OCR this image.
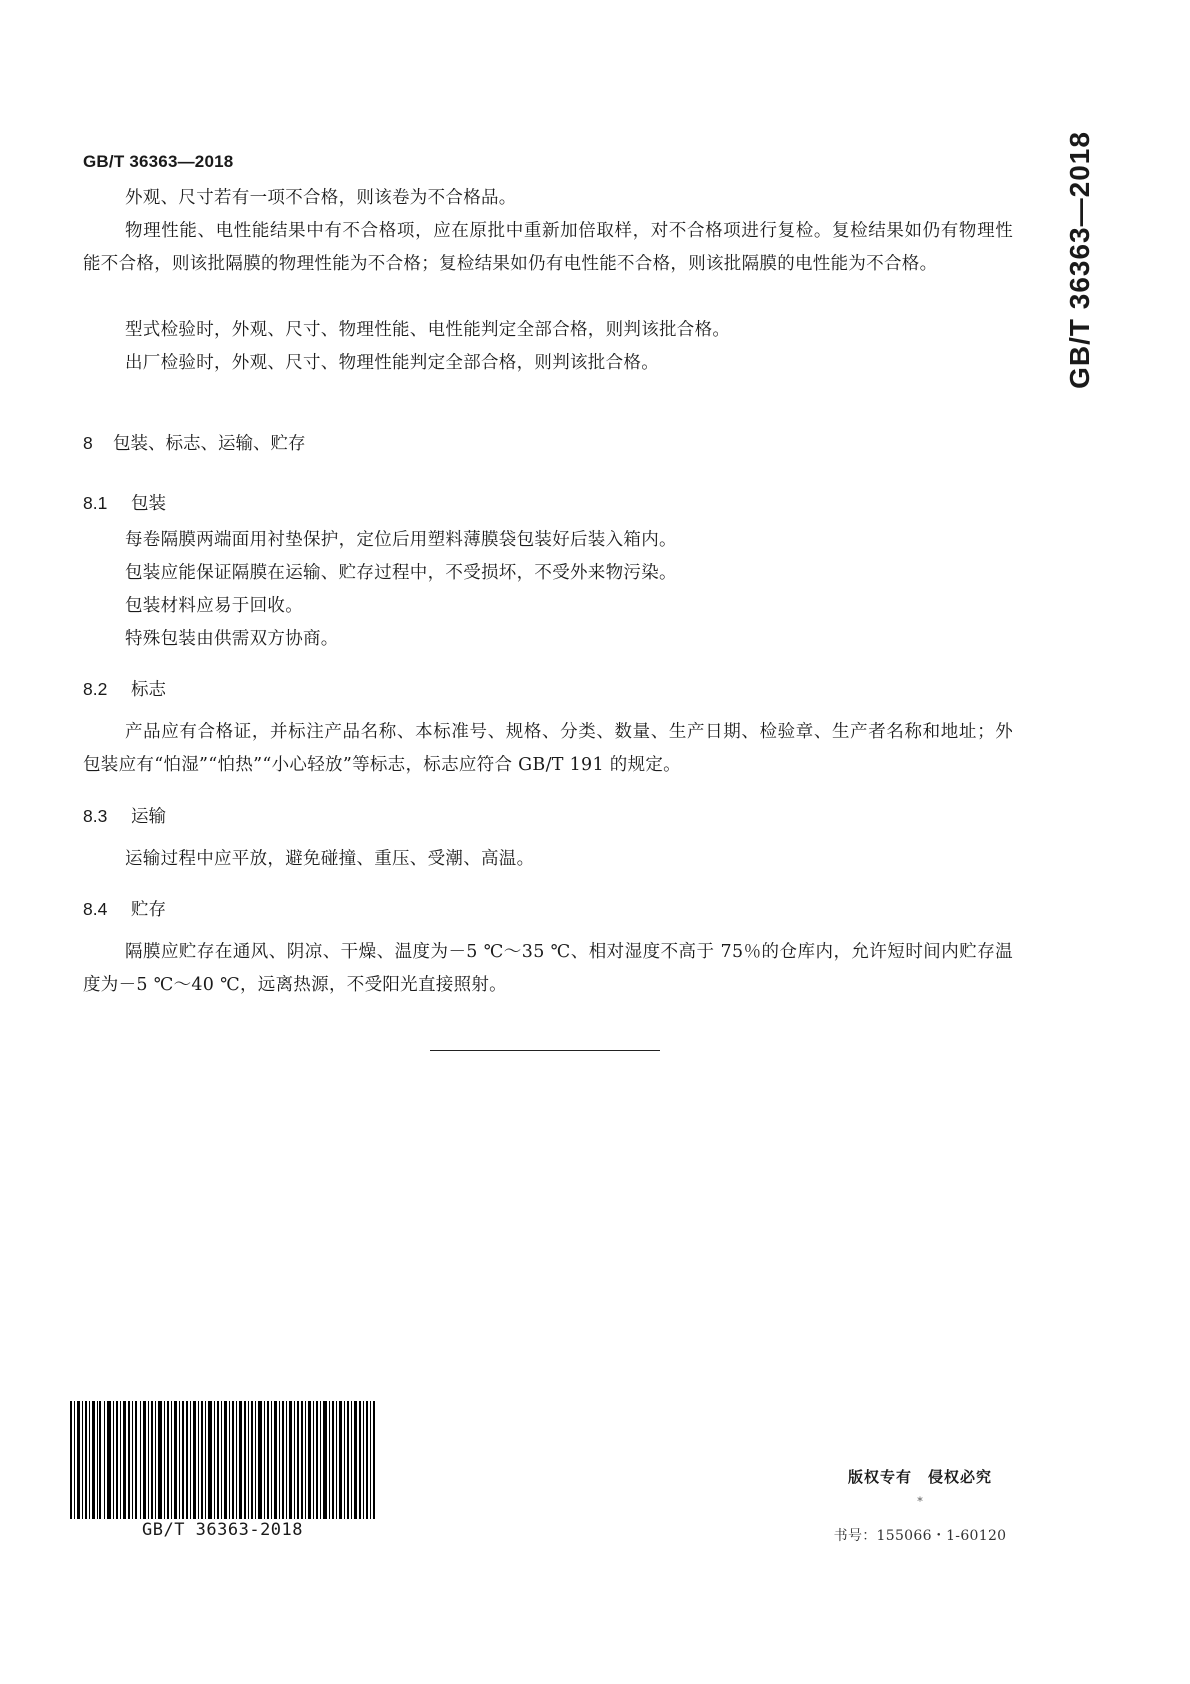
GB/T 36363—2018	GB/T 36363—2018

外观、尺寸若有一项不合格，则该卷为不合格品。

物理性能、电性能结果中有不合格项，应在原批中重新加倍取样，对不合格项进行复检。复检结果如仍有物理性能不合格，则该批隔膜的物理性能为不合格；复检结果如仍有电性能不合格，则该批隔膜的电性能为不合格。

型式检验时，外观、尺寸、物理性能、电性能判定全部合格，则判该批合格。

出厂检验时，外观、尺寸、物理性能判定全部合格，则判该批合格。

8 包装、标志、运输、贮存
8.1 包装

每卷隔膜两端面用衬垫保护，定位后用塑料薄膜袋包装好后装入箱内。

包装应能保证隔膜在运输、贮存过程中，不受损坏，不受外来物污染。

包装材料应易于回收。

特殊包装由供需双方协商。

8.2 标志

产品应有合格证，并标注产品名称、本标准号、规格、分类、数量、生产日期、检验章、生产者名称和地址；外包装应有“怕湿”“怕热”“小心轻放”等标志，标志应符合 GB/T 191 的规定。

8.3 运输

运输过程中应平放，避免碰撞、重压、受潮、高温。

8.4 贮存

隔膜应贮存在通风、阴凉、干燥、温度为－5 ℃～35 ℃、相对湿度不高于 75％的仓库内，允许短时间内贮存温度为－5 ℃～40 ℃，远离热源，不受阳光直接照射。

GB/T 36363-2018
版权专有　侵权必究
*
书号：155066・1-60120
